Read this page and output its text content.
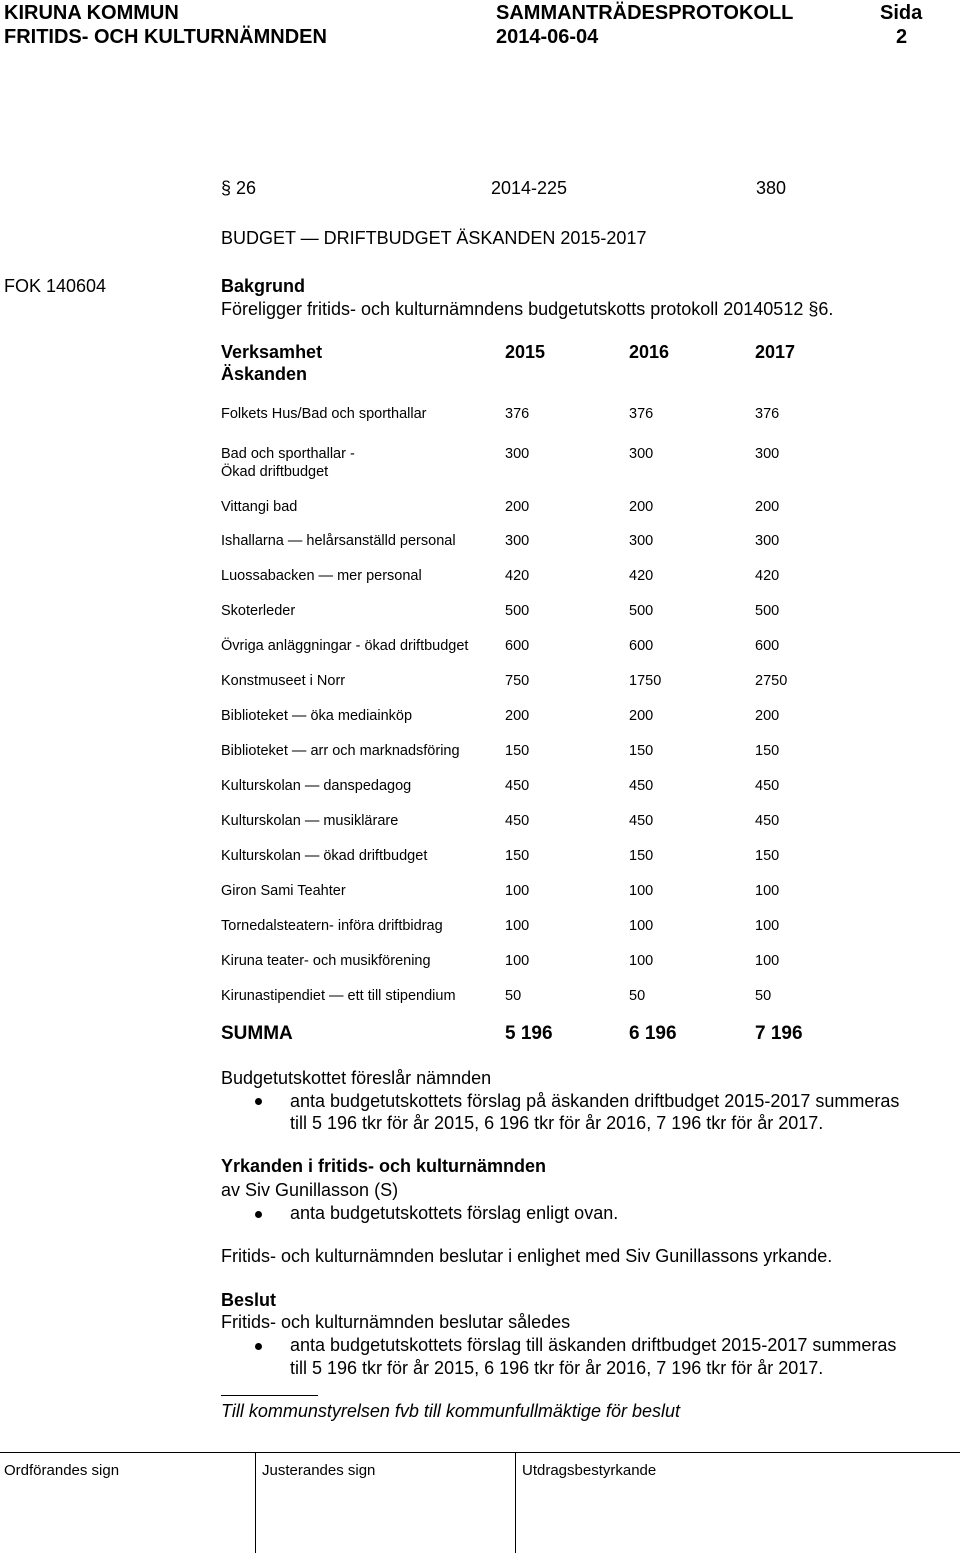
KIRUNA KOMMUN	SAMMANTRÄDESPROTOKOLL	Sida
FRITIDS- OCH KULTURNÄMNDEN	2014-06-04	2
§ 26	2014-225	380
BUDGET — DRIFTBUDGET ÄSKANDEN 2015-2017
FOK 140604	Bakgrund
Föreligger fritids- och kulturnämndens budgetutskotts protokoll 20140512 §6.
Verksamhet
Äskanden
2015	2016	2017
Folkets Hus/Bad och sporthallar	376	376	376
Bad och sporthallar -
Ökad driftbudget
300	300	300
Vittangi bad	200	200	200
Ishallarna — helårsanställd personal	300	300	300
Luossabacken — mer personal	420	420	420
Skoterleder	500	500	500
Övriga anläggningar - ökad driftbudget	600	600	600
Konstmuseet i Norr	750	1750	2750
Biblioteket — öka mediainköp	200	200	200
Biblioteket — arr och marknadsföring	150	150	150
Kulturskolan — danspedagog	450	450	450
Kulturskolan — musiklärare	450	450	450
Kulturskolan — ökad driftbudget	150	150	150
Giron Sami Teahter	100	100	100
Tornedalsteatern- införa driftbidrag	100	100	100
Kiruna teater- och musikförening	100	100	100
Kirunastipendiet — ett till stipendium	50	50	50
SUMMA	5 196	6 196	7 196
Budgetutskottet föreslår nämnden
anta budgetutskottets förslag på äskanden driftbudget 2015-2017 summeras
till 5 196 tkr för år 2015, 6 196 tkr för år 2016, 7 196 tkr för år 2017.
Yrkanden i fritids- och kulturnämnden
av Siv Gunillasson (S)
anta budgetutskottets förslag enligt ovan.
Fritids- och kulturnämnden beslutar i enlighet med Siv Gunillassons yrkande.
Beslut
Fritids- och kulturnämnden beslutar således
anta budgetutskottets förslag till äskanden driftbudget 2015-2017 summeras
till 5 196 tkr för år 2015, 6 196 tkr för år 2016, 7 196 tkr för år 2017.
Till kommunstyrelsen fvb till kommunfullmäktige för beslut
Ordförandes sign	Justerandes sign	Utdragsbestyrkande
